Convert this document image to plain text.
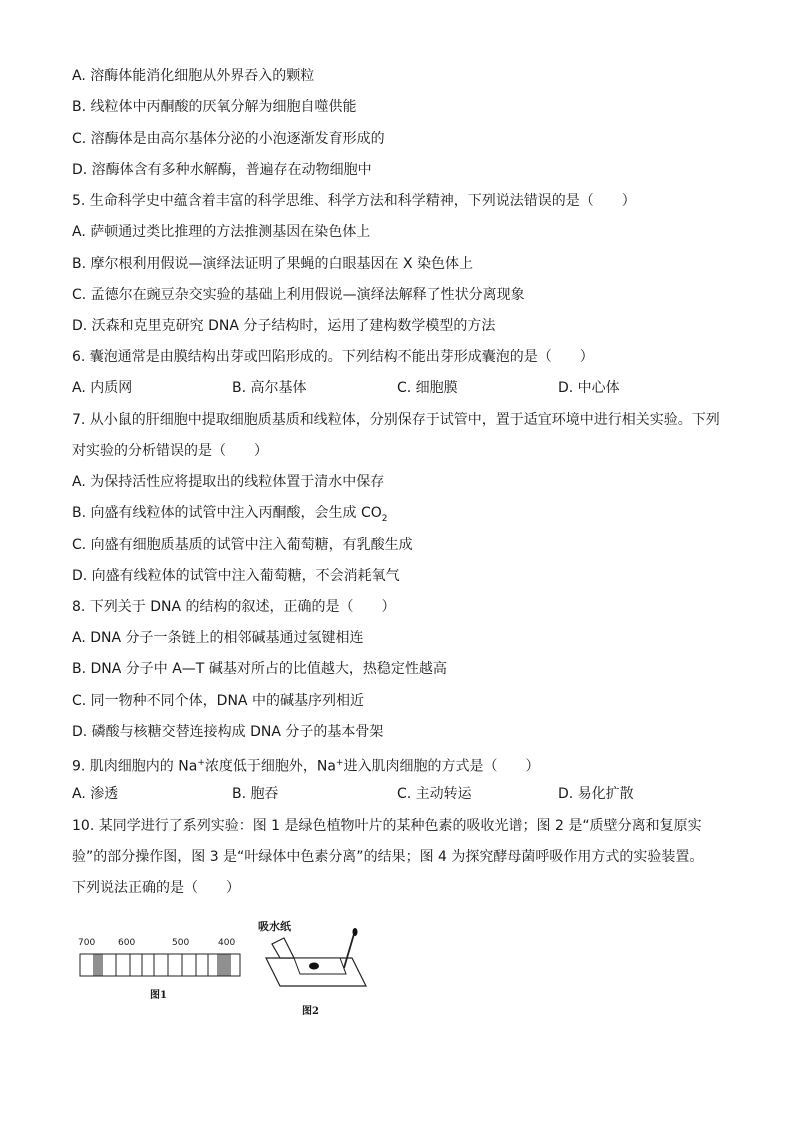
A. 溶酶体能消化细胞从外界吞入的颗粒
B. 线粒体中丙酮酸的厌氧分解为细胞自噬供能
C. 溶酶体是由高尔基体分泌的小泡逐渐发育形成的
D. 溶酶体含有多种水解酶，普遍存在动物细胞中
5. 生命科学史中蕴含着丰富的科学思维、科学方法和科学精神，下列说法错误的是（　　）
A. 萨顿通过类比推理的方法推测基因在染色体上
B. 摩尔根利用假说—演绎法证明了果蝇的白眼基因在 X 染色体上
C. 孟德尔在豌豆杂交实验的基础上利用假说—演绎法解释了性状分离现象
D. 沃森和克里克研究 DNA 分子结构时，运用了建构数学模型的方法
6. 囊泡通常是由膜结构出芽或凹陷形成的。下列结构不能出芽形成囊泡的是（　　）
A. 内质网	B. 高尔基体	C. 细胞膜	D. 中心体
7. 从小鼠的肝细胞中提取细胞质基质和线粒体，分别保存于试管中，置于适宜环境中进行相关实验。下列
对实验的分析错误的是（　　）
A. 为保持活性应将提取出的线粒体置于清水中保存
B. 向盛有线粒体的试管中注入丙酮酸，会生成 $CO_2$
C. 向盛有细胞质基质的试管中注入葡萄糖，有乳酸生成
D. 向盛有线粒体的试管中注入葡萄糖，不会消耗氧气
8. 下列关于 DNA 的结构的叙述，正确的是（　　）
A. DNA 分子一条链上的相邻碱基通过氢键相连
B. DNA 分子中 A—T 碱基对所占的比值越大，热稳定性越高
C. 同一物种不同个体，DNA 中的碱基序列相近
D. 磷酸与核糖交替连接构成 DNA 分子的基本骨架
9. 肌肉细胞内的 Na+浓度低于细胞外，Na+进入肌肉细胞的方式是（　　）
A. 渗透	B. 胞吞	C. 主动转运	D. 易化扩散
10. 某同学进行了系列实验：图 1 是绿色植物叶片的某种色素的吸收光谱；图 2 是“质壁分离和复原实
验”的部分操作图，图 3 是“叶绿体中色素分离”的结果；图 4 为探究酵母菌呼吸作用方式的实验装置。
下列说法正确的是（　　）
700	600	500	400
图1
吸水纸
图2
